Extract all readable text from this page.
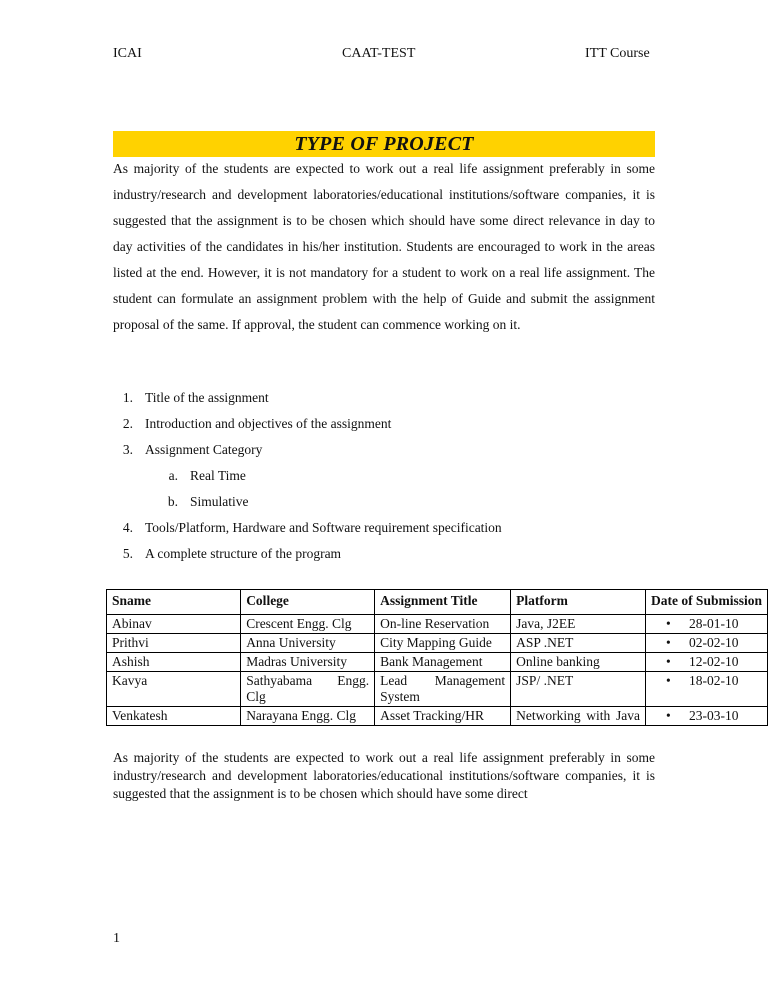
ICAI	CAAT-TEST	ITT Course
TYPE OF PROJECT
As majority of the students are expected to work out a real life assignment preferably in some industry/research and development laboratories/educational institutions/software companies, it is suggested that the assignment is to be chosen which should have some direct relevance in day to day activities of the candidates in his/her institution. Students are encouraged to work in the areas listed at the end. However, it is not mandatory for a student to work on a real life assignment. The student can formulate an assignment problem with the help of Guide and submit the assignment proposal of the same. If approval, the student can commence working on it.
1. Title of the assignment
2. Introduction and objectives of the assignment
3. Assignment Category
a. Real Time
b. Simulative
4. Tools/Platform, Hardware and Software requirement specification
5. A complete structure of the program
Sname	College	Assignment Title	Platform	Date of Submission
Abinav	Crescent Engg. Clg	On-line Reservation	Java, J2EE	• 28-01-10

Prithvi	Anna University	City Mapping Guide	ASP .NET	• 02-02-10

Ashish	Madras University	Bank Management	Online banking	• 12-02-10

Kavya	Sathyabama Engg. Clg	Lead Management System	JSP/ .NET	• 18-02-10

Venkatesh	Narayana Engg. Clg	Asset Tracking/HR	Networking with Java	• 23-03-10
As majority of the students are expected to work out a real life assignment preferably in some industry/research and development laboratories/educational institutions/software companies, it is suggested that the assignment is to be chosen which should have some direct
1
